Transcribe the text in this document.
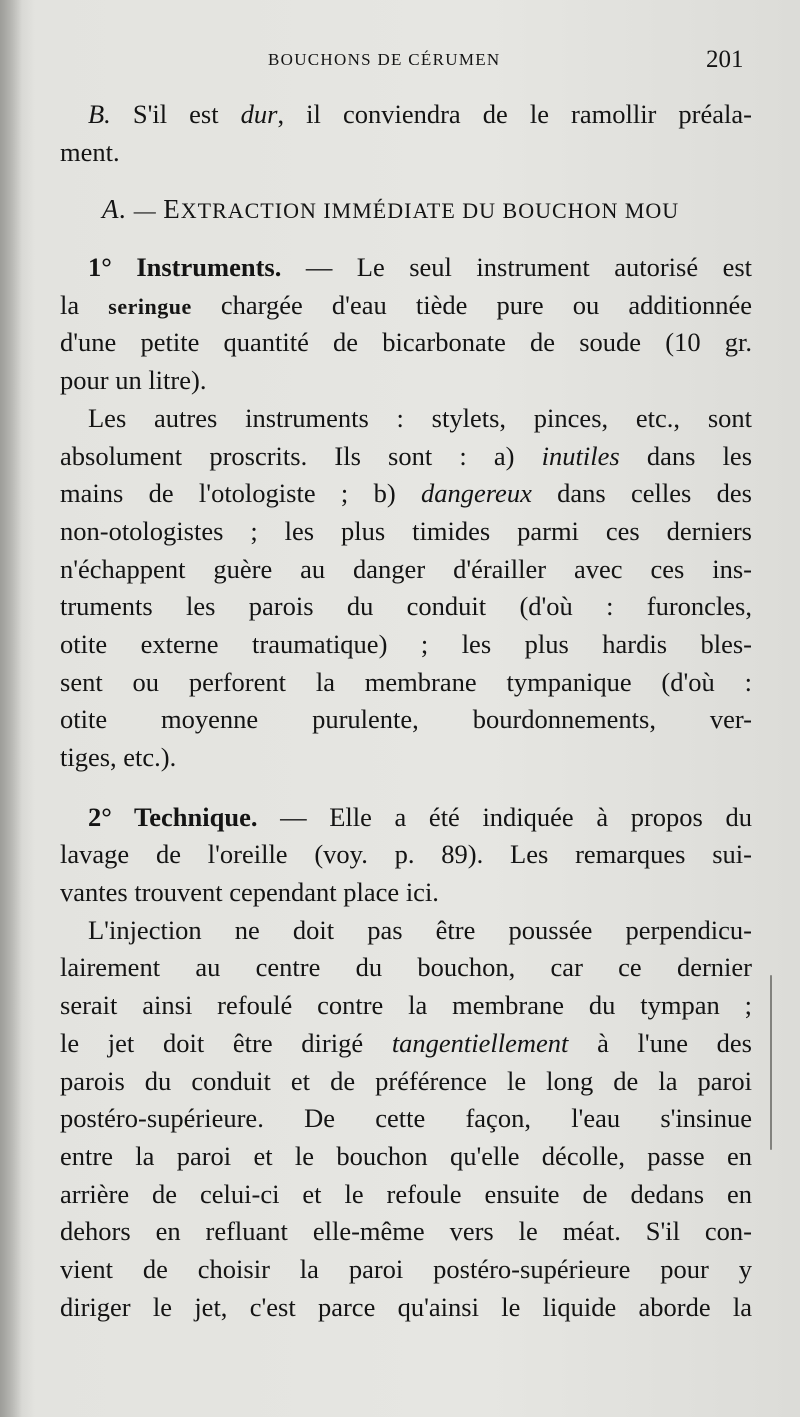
BOUCHONS DE CÉRUMEN	201
B. S'il est dur, il conviendra de le ramollir préala-
ment.
A. — EXTRACTION IMMÉDIATE DU BOUCHON MOU
1° Instruments. — Le seul instrument autorisé est
la seringue chargée d'eau tiède pure ou additionnée
d'une petite quantité de bicarbonate de soude (10 gr.
pour un litre).
Les autres instruments : stylets, pinces, etc., sont
absolument proscrits. Ils sont : a) inutiles dans les
mains de l'otologiste ; b) dangereux dans celles des
non-otologistes ; les plus timides parmi ces derniers
n'échappent guère au danger d'érailler avec ces ins-
truments les parois du conduit (d'où : furoncles,
otite externe traumatique) ; les plus hardis bles-
sent ou perforent la membrane tympanique (d'où :
otite moyenne purulente, bourdonnements, ver-
tiges, etc.).
2° Technique. — Elle a été indiquée à propos du
lavage de l'oreille (voy. p. 89). Les remarques sui-
vantes trouvent cependant place ici.
L'injection ne doit pas être poussée perpendicu-
lairement au centre du bouchon, car ce dernier
serait ainsi refoulé contre la membrane du tympan ;
le jet doit être dirigé tangentiellement à l'une des
parois du conduit et de préférence le long de la paroi
postéro-supérieure. De cette façon, l'eau s'insinue
entre la paroi et le bouchon qu'elle décolle, passe en
arrière de celui-ci et le refoule ensuite de dedans en
dehors en refluant elle-même vers le méat. S'il con-
vient de choisir la paroi postéro-supérieure pour y
diriger le jet, c'est parce qu'ainsi le liquide aborde la
